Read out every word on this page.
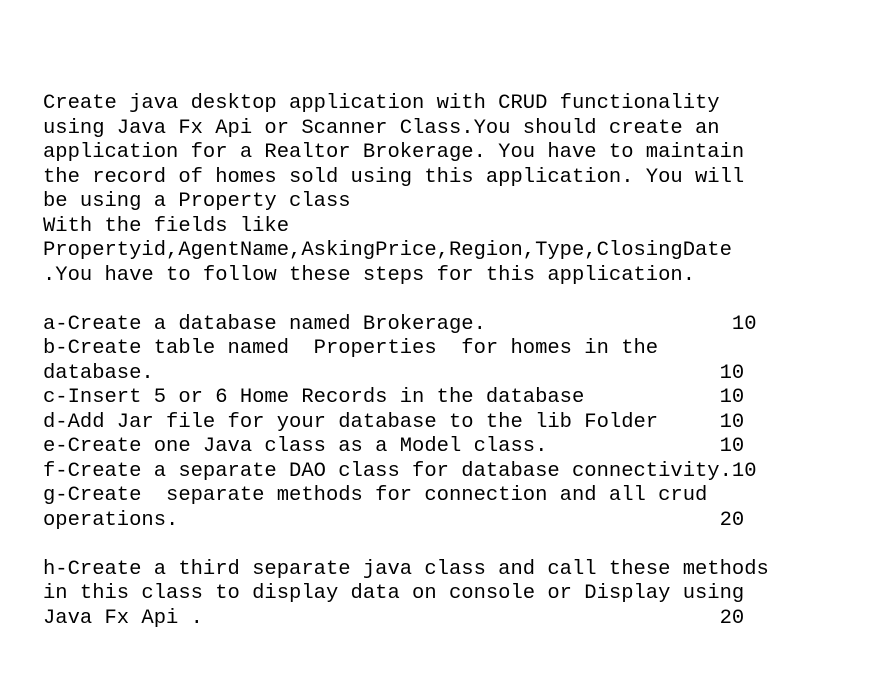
Create java desktop application with CRUD functionality
using Java Fx Api or Scanner Class.You should create an
application for a Realtor Brokerage. You have to maintain
the record of homes sold using this application. You will
be using a Property class
With the fields like
Propertyid,AgentName,AskingPrice,Region,Type,ClosingDate
.You have to follow these steps for this application.
a-Create a database named Brokerage.                    10
b-Create table named  Properties  for homes in the
database.                                              10
c-Insert 5 or 6 Home Records in the database           10
d-Add Jar file for your database to the lib Folder     10
e-Create one Java class as a Model class.              10
f-Create a separate DAO class for database connectivity.10
g-Create  separate methods for connection and all crud
operations.                                            20
h-Create a third separate java class and call these methods
in this class to display data on console or Display using
Java Fx Api .                                          20
